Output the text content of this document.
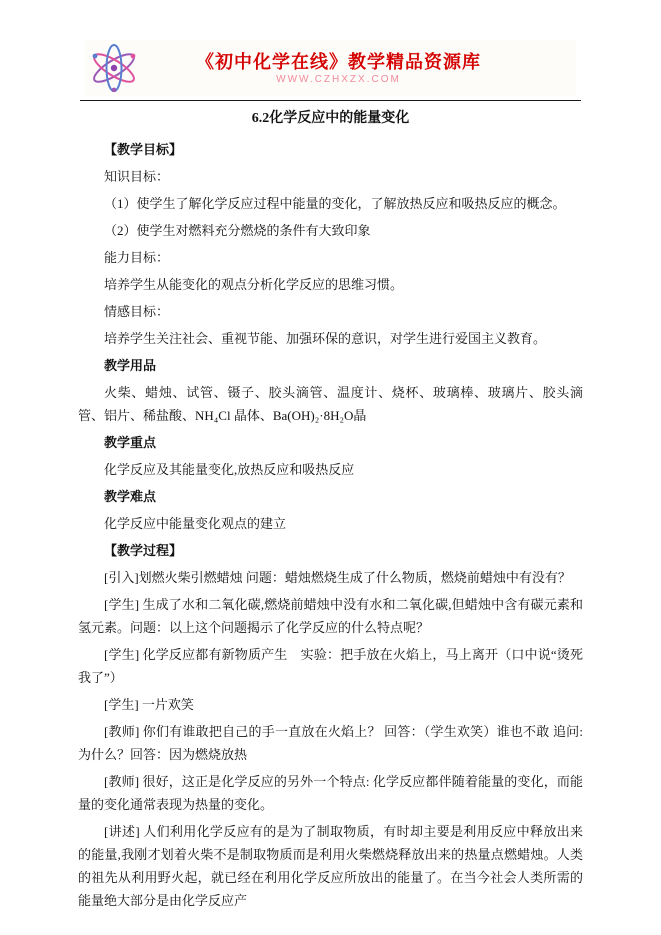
《初中化学在线》教学精品资源库
WWW.CZHXZX.COM
6.2化学反应中的能量变化

【教学目标】

知识目标：

（1）使学生了解化学反应过程中能量的变化，了解放热反应和吸热反应的概念。

（2）使学生对燃料充分燃烧的条件有大致印象

能力目标：

培养学生从能变化的观点分析化学反应的思维习惯。

情感目标：

培养学生关注社会、重视节能、加强环保的意识，对学生进行爱国主义教育。

教学用品

火柴、蜡烛、试管、镊子、胶头滴管、温度计、烧杯、玻璃棒、玻璃片、胶头滴管、铝片、稀盐酸、NH₄Cl 晶体、Ba(OH)₂·8H₂O晶

教学重点

化学反应及其能量变化,放热反应和吸热反应

教学难点

化学反应中能量变化观点的建立

【教学过程】

[引入]划燃火柴引燃蜡烛 问题：蜡烛燃烧生成了什么物质，燃烧前蜡烛中有没有？

[学生] 生成了水和二氧化碳,燃烧前蜡烛中没有水和二氧化碳,但蜡烛中含有碳元素和氢元素。问题：以上这个问题揭示了化学反应的什么特点呢？

[学生] 化学反应都有新物质产生　实验：把手放在火焰上，马上离开（口中说“烫死我了”）

[学生] 一片欢笑

[教师] 你们有谁敢把自己的手一直放在火焰上？ 回答：（学生欢笑）谁也不敢 追问: 为什么？回答：因为燃烧放热

[教师] 很好，这正是化学反应的另外一个特点: 化学反应都伴随着能量的变化，而能量的变化通常表现为热量的变化。

[讲述] 人们利用化学反应有的是为了制取物质，有时却主要是利用反应中释放出来的能量,我刚才划着火柴不是制取物质而是利用火柴燃烧释放出来的热量点燃蜡烛。人类的祖先从利用野火起，就已经在利用化学反应所放出的能量了。在当今社会人类所需的能量绝大部分是由化学反应产
